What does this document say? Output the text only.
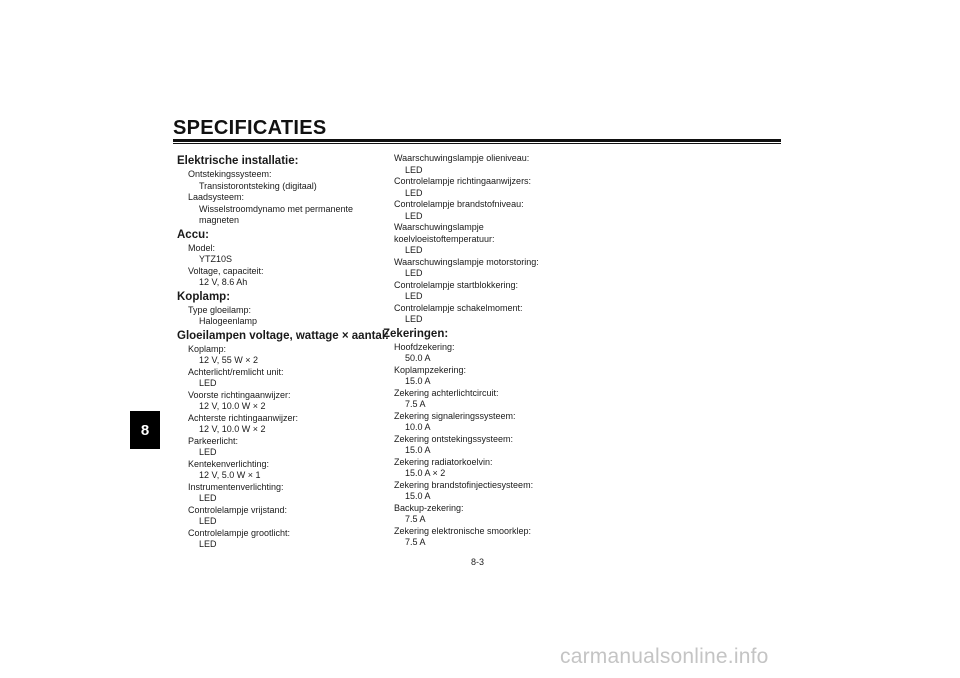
SPECIFICATIES
8
Elektrische installatie:
Ontstekingssysteem:
Transistorontsteking (digitaal)
Laadsysteem:
Wisselstroomdynamo met permanente magneten
Accu:
Model:
YTZ10S
Voltage, capaciteit:
12 V, 8.6 Ah
Koplamp:
Type gloeilamp:
Halogeenlamp
Gloeilampen voltage, wattage × aantal:
Koplamp:
12 V, 55 W × 2
Achterlicht/remlicht unit:
LED
Voorste richtingaanwijzer:
12 V, 10.0 W × 2
Achterste richtingaanwijzer:
12 V, 10.0 W × 2
Parkeerlicht:
LED
Kentekenverlichting:
12 V, 5.0 W × 1
Instrumentenverlichting:
LED
Controlelampje vrijstand:
LED
Controlelampje grootlicht:
LED
Waarschuwingslampje olieniveau:
LED
Controlelampje richtingaanwijzers:
LED
Controlelampje brandstofniveau:
LED
Waarschuwingslampje koelvloeistoftemperatuur:
LED
Waarschuwingslampje motorstoring:
LED
Controlelampje startblokkering:
LED
Controlelampje schakelmoment:
LED
Zekeringen:
Hoofdzekering:
50.0 A
Koplampzekering:
15.0 A
Zekering achterlichtcircuit:
7.5 A
Zekering signaleringssysteem:
10.0 A
Zekering ontstekingssysteem:
15.0 A
Zekering radiatorkoelvin:
15.0 A × 2
Zekering brandstofinjectiesysteem:
15.0 A
Backup-zekering:
7.5 A
Zekering elektronische smoorklep:
7.5 A
8-3
carmanualsonline.info
